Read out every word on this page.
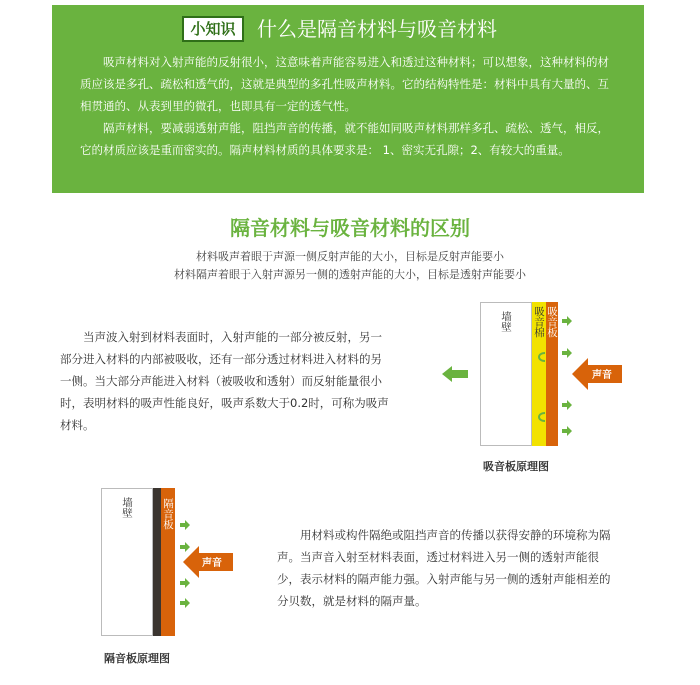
小知识	什么是隔音材料与吸音材料

吸声材料对入射声能的反射很小，这意味着声能容易进入和透过这种材料；可以想象，这种材料的材质应该是多孔、疏松和透气的，这就是典型的多孔性吸声材料。它的结构特性是：材料中具有大量的、互相贯通的、从表到里的微孔，也即具有一定的透气性。

隔声材料，要减弱透射声能，阻挡声音的传播，就不能如同吸声材料那样多孔、疏松、透气，相反，它的材质应该是重而密实的。隔声材料材质的具体要求是： 1、密实无孔隙；2、有较大的重量。

隔音材料与吸音材料的区别
材料吸声着眼于声源一侧反射声能的大小，目标是反射声能要小
材料隔声着眼于入射声源另一侧的透射声能的大小，目标是透射声能要小
当声波入射到材料表面时，入射声能的一部分被反射，另一部分进入材料的内部被吸收，还有一部分透过材料进入材料的另一侧。当大部分声能进入材料（被吸收和透射）而反射能量很小时，表明材料的吸声性能良好，吸声系数大于0.2时，可称为吸声材料。
墙壁 吸音棉 吸音板
声音
吸音板原理图
墙壁	隔音板
声音
隔音板原理图
用材料或构件隔绝或阻挡声音的传播以获得安静的环境称为隔声。当声音入射至材料表面，透过材料进入另一侧的透射声能很少，表示材料的隔声能力强。入射声能与另一侧的透射声能相差的分贝数，就是材料的隔声量。
